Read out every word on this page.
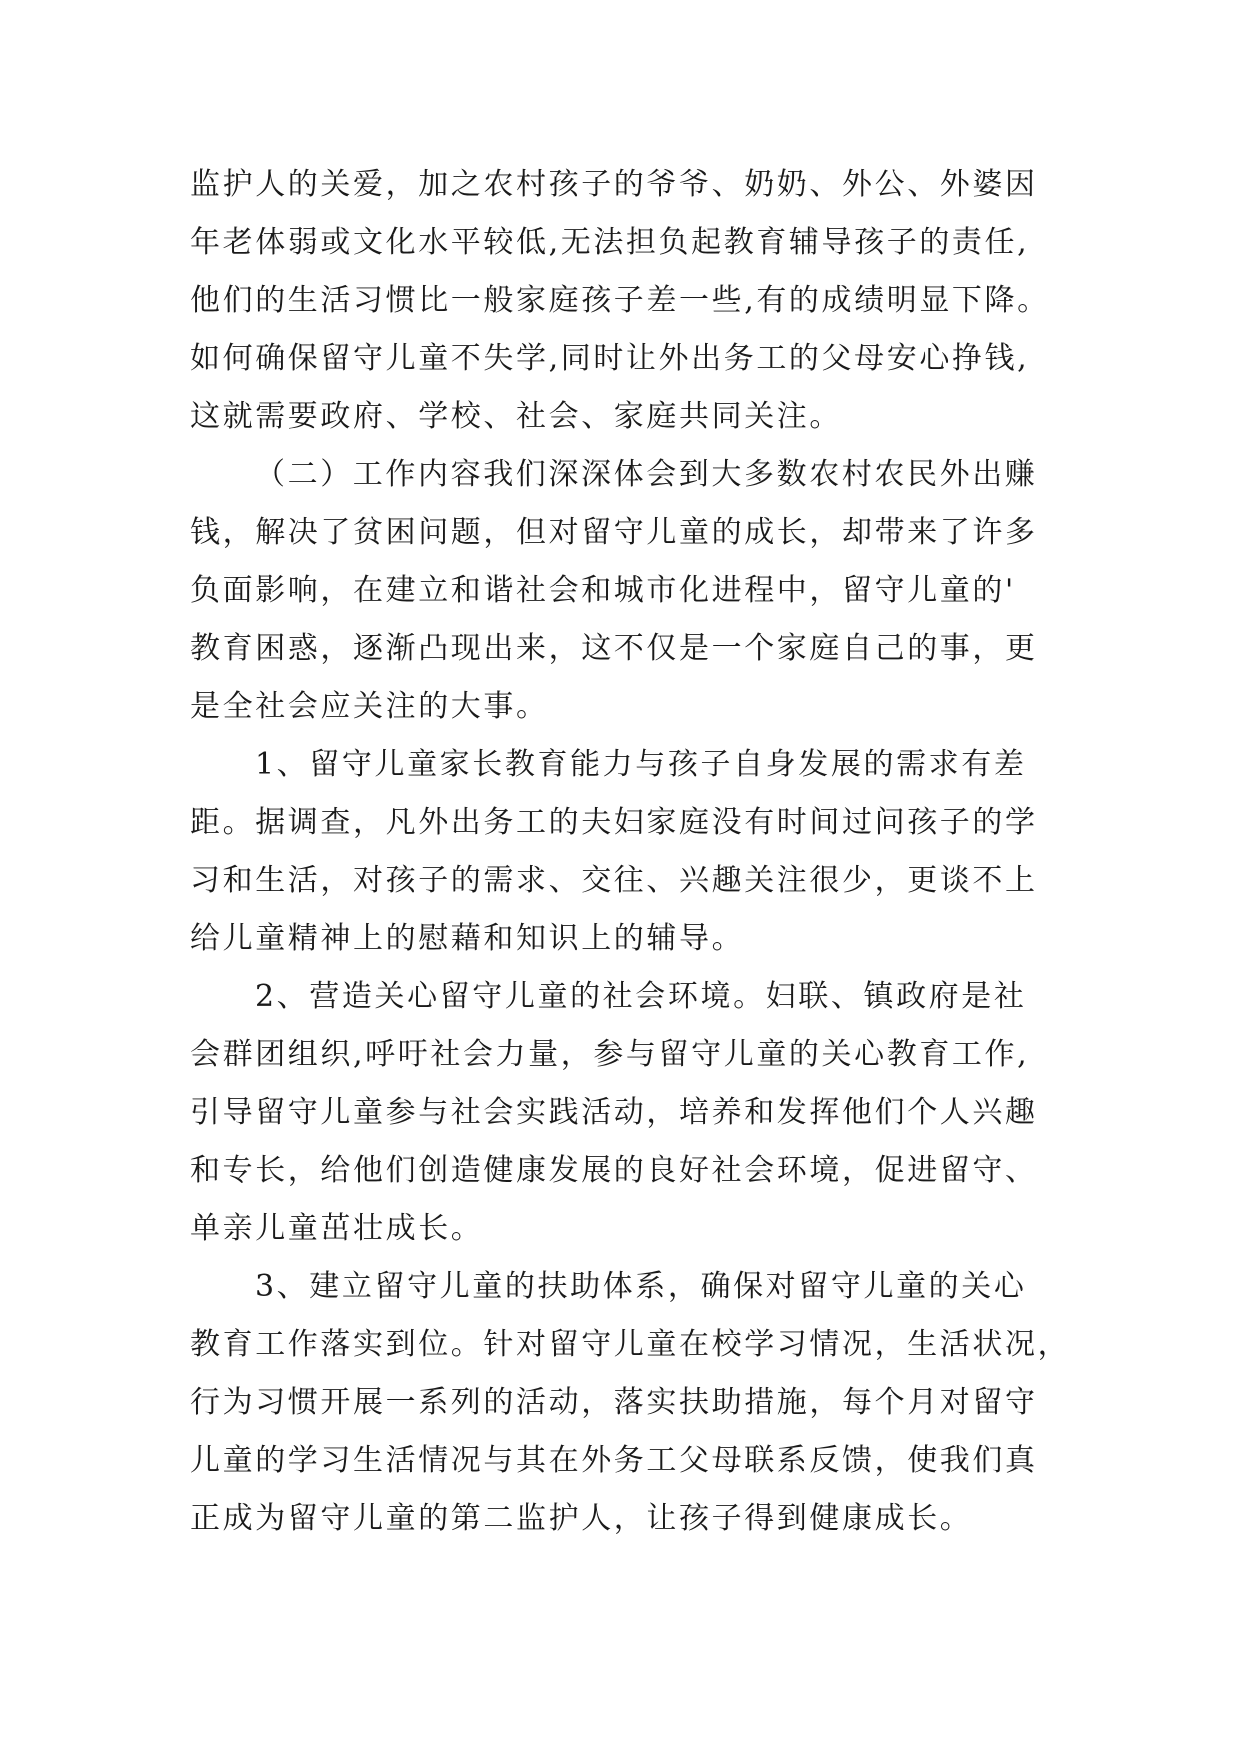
监护人的关爱，加之农村孩子的爷爷、奶奶、外公、外婆因
年老体弱或文化水平较低,无法担负起教育辅导孩子的责任,
他们的生活习惯比一般家庭孩子差一些,有的成绩明显下降。
如何确保留守儿童不失学,同时让外出务工的父母安心挣钱,
这就需要政府、学校、社会、家庭共同关注。
（二）工作内容我们深深体会到大多数农村农民外出赚
钱，解决了贫困问题，但对留守儿童的成长，却带来了许多
负面影响，在建立和谐社会和城市化进程中，留守儿童的'
教育困惑，逐渐凸现出来，这不仅是一个家庭自己的事，更
是全社会应关注的大事。
1、留守儿童家长教育能力与孩子自身发展的需求有差
距。据调查，凡外出务工的夫妇家庭没有时间过问孩子的学
习和生活，对孩子的需求、交往、兴趣关注很少，更谈不上
给儿童精神上的慰藉和知识上的辅导。
2、营造关心留守儿童的社会环境。妇联、镇政府是社
会群团组织,呼吁社会力量，参与留守儿童的关心教育工作,
引导留守儿童参与社会实践活动，培养和发挥他们个人兴趣
和专长，给他们创造健康发展的良好社会环境，促进留守、
单亲儿童茁壮成长。
3、建立留守儿童的扶助体系，确保对留守儿童的关心
教育工作落实到位。针对留守儿童在校学习情况，生活状况，
行为习惯开展一系列的活动，落实扶助措施，每个月对留守
儿童的学习生活情况与其在外务工父母联系反馈，使我们真
正成为留守儿童的第二监护人，让孩子得到健康成长。
